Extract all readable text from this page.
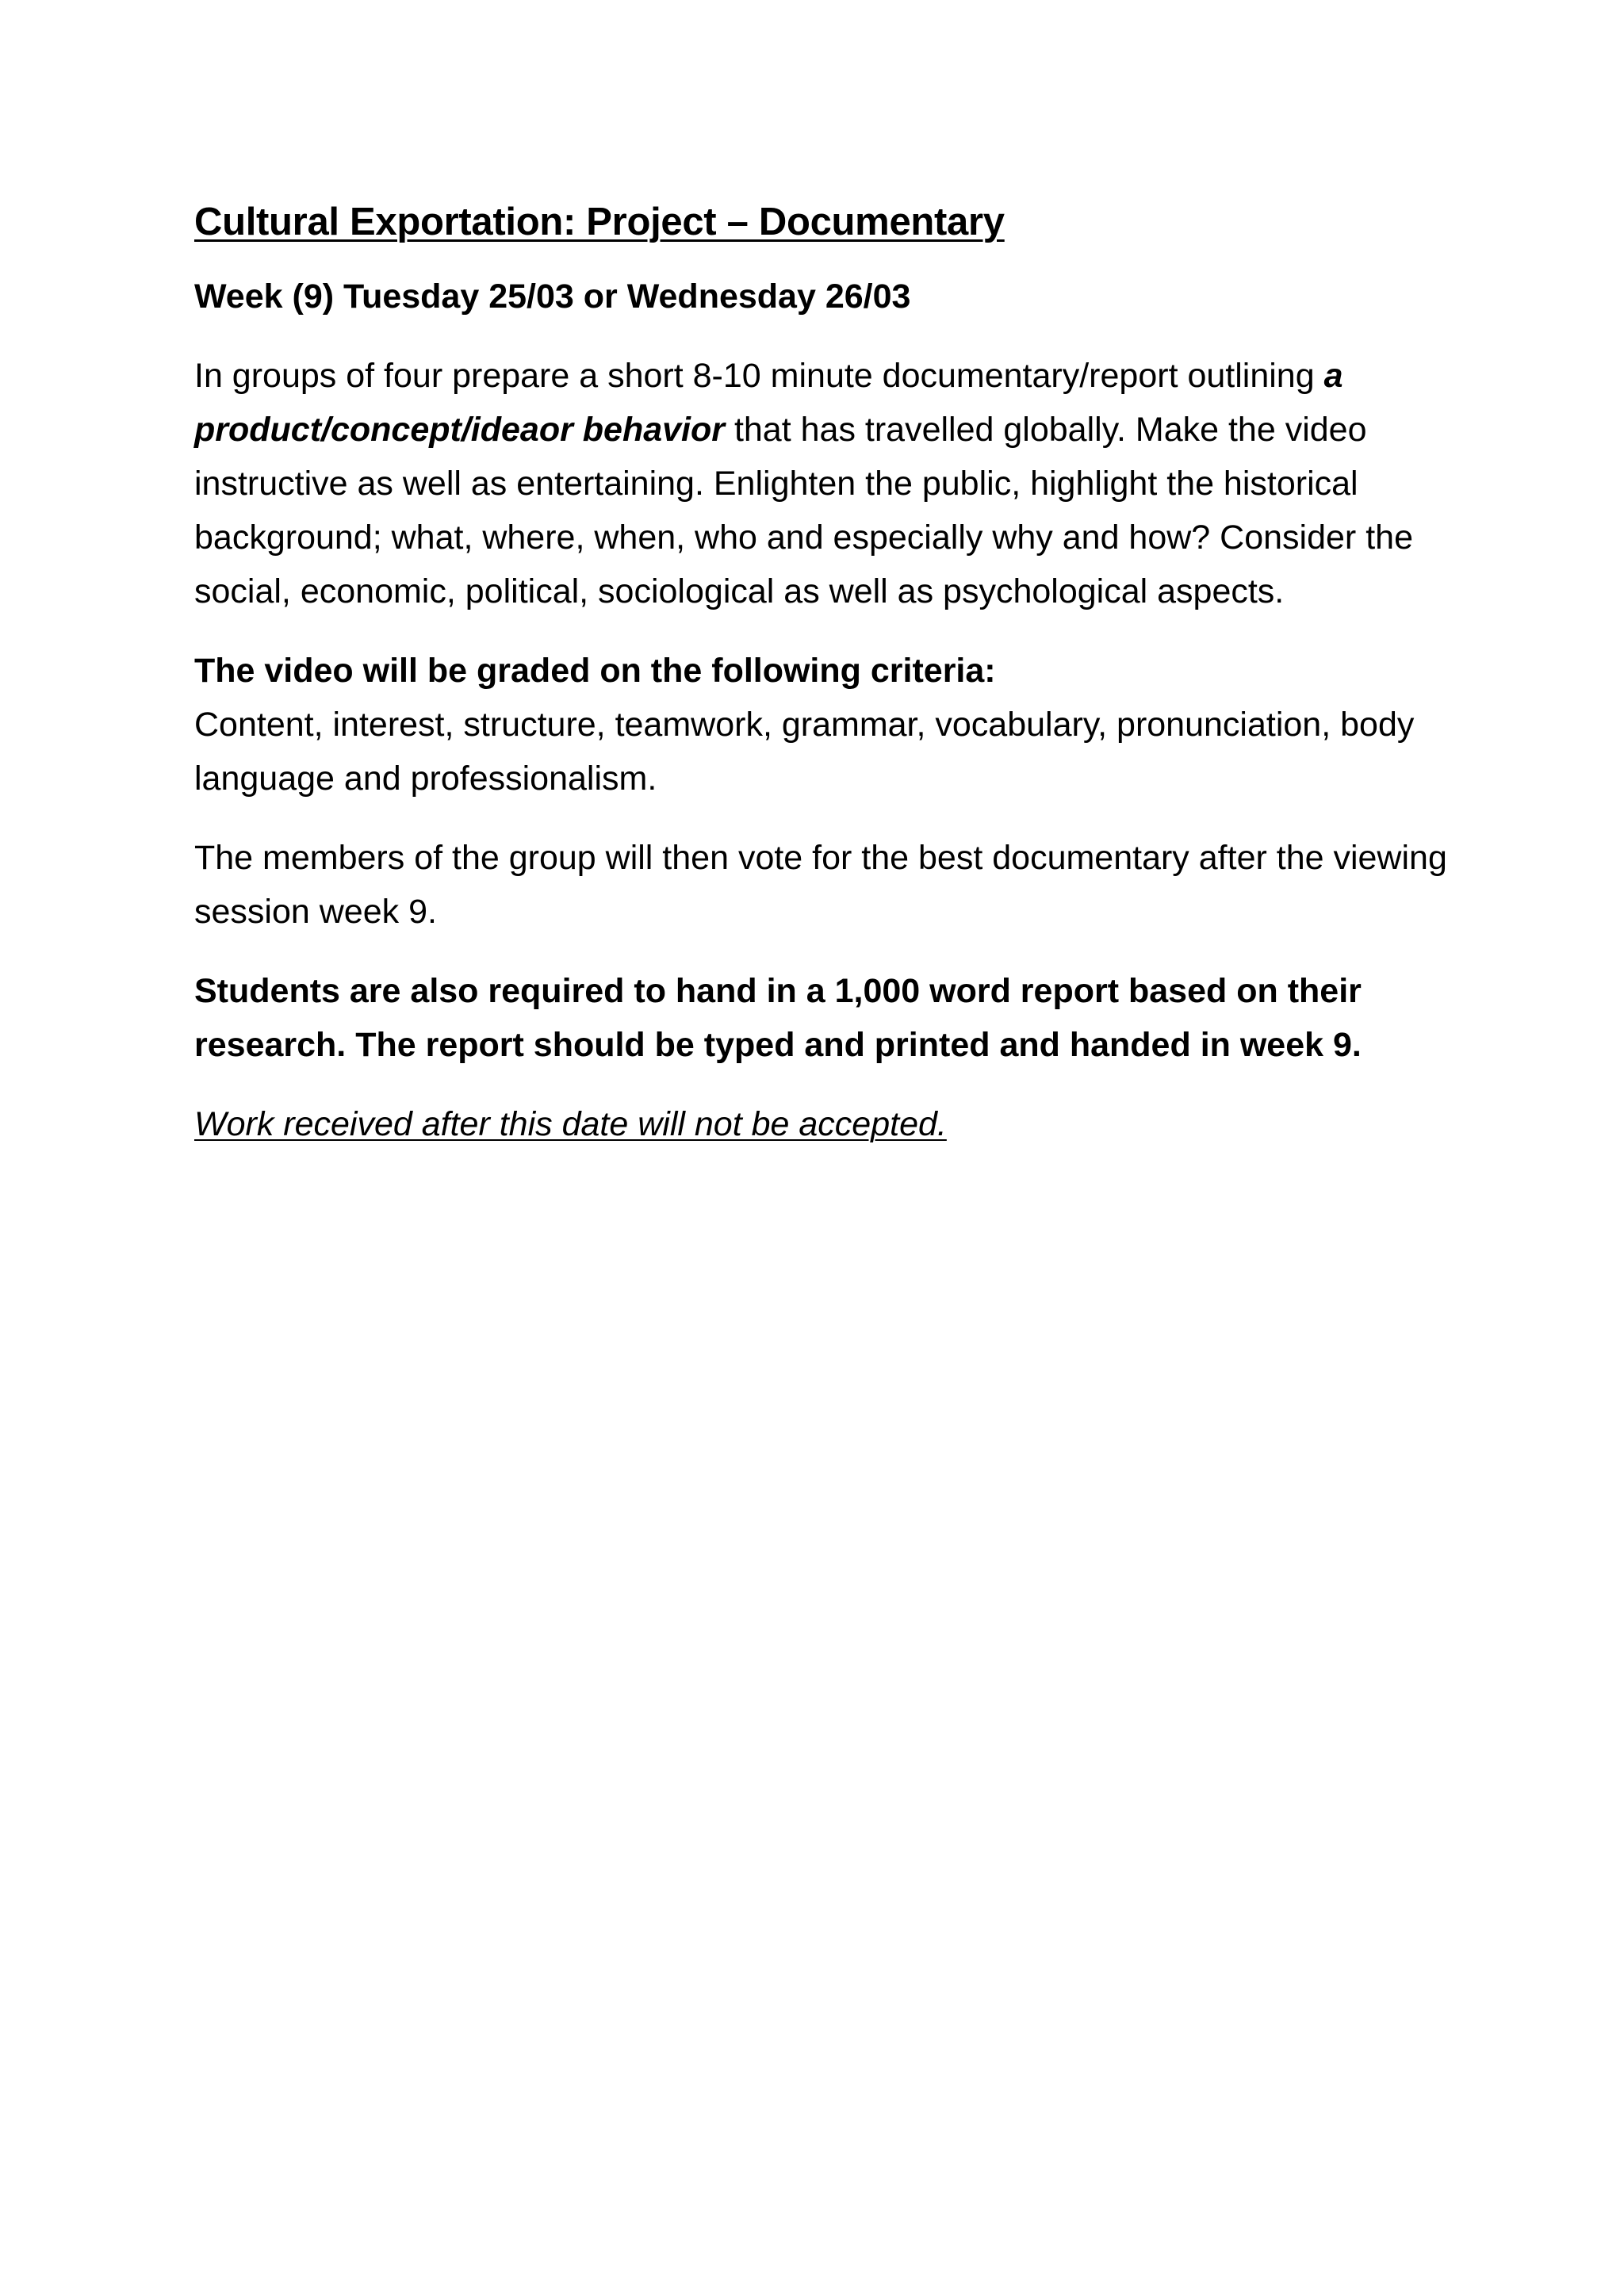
Cultural Exportation: Project – Documentary
Week (9) Tuesday 25/03 or Wednesday 26/03

In groups of four prepare a short 8-10 minute documentary/report outlining a product/concept/ideaor behavior that has travelled globally. Make the video instructive as well as entertaining. Enlighten the public, highlight the historical background; what, where, when, who and especially why and how? Consider the social, economic, political, sociological as well as psychological aspects.

The video will be graded on the following criteria:
Content, interest, structure, teamwork, grammar, vocabulary, pronunciation, body language and professionalism.

The members of the group will then vote for the best documentary after the viewing session week 9.

Students are also required to hand in a 1,000 word report based on their research. The report should be typed and printed and handed in week 9.

Work received after this date will not be accepted.
